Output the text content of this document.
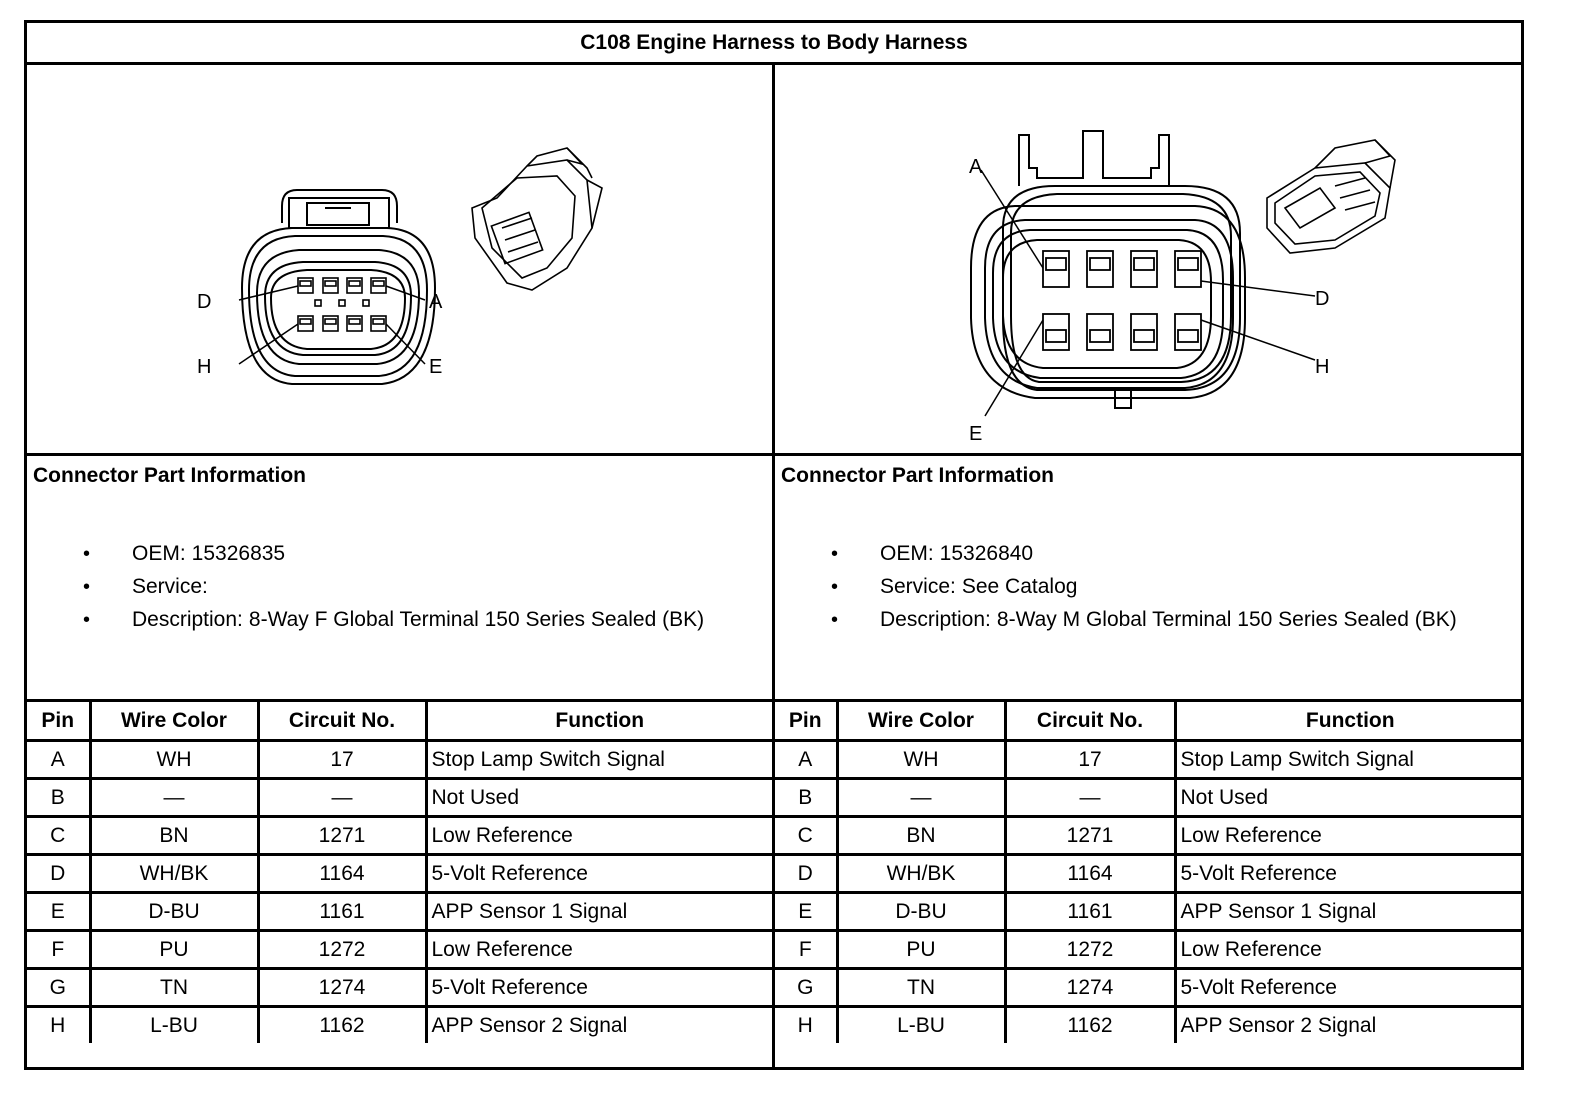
C108 Engine Harness to Body Harness
D	A
H	E
A
D
H
E
Connector Part Information
• OEM: 15326835
• Service:
• Description: 8-Way F Global Terminal 150 Series Sealed (BK)
Connector Part Information
• OEM: 15326840
• Service: See Catalog
• Description: 8-Way M Global Terminal 150 Series Sealed (BK)
Pin	Wire Color	Circuit No.	Function
A	WH	17	Stop Lamp Switch Signal
B	—	—	Not Used
C	BN	1271	Low Reference
D	WH/BK	1164	5-Volt Reference
E	D-BU	1161	APP Sensor 1 Signal
F	PU	1272	Low Reference
G	TN	1274	5-Volt Reference
H	L-BU	1162	APP Sensor 2 Signal
Pin	Wire Color	Circuit No.	Function
A	WH	17	Stop Lamp Switch Signal
B	—	—	Not Used
C	BN	1271	Low Reference
D	WH/BK	1164	5-Volt Reference
E	D-BU	1161	APP Sensor 1 Signal
F	PU	1272	Low Reference
G	TN	1274	5-Volt Reference
H	L-BU	1162	APP Sensor 2 Signal
